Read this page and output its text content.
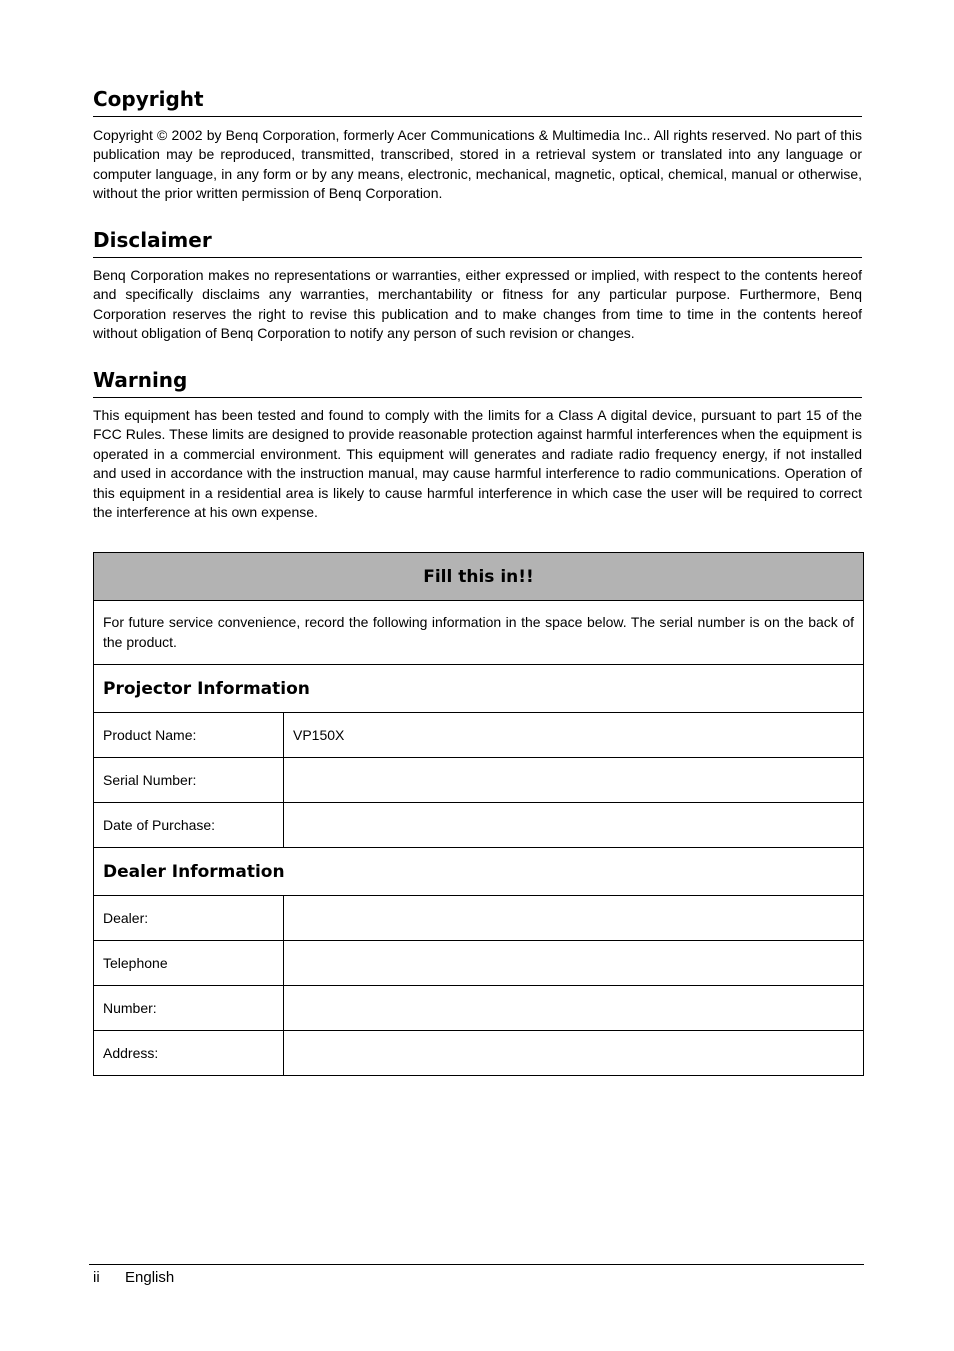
Copyright

Copyright © 2002 by Benq Corporation, formerly Acer Communications & Multimedia Inc.. All rights reserved. No part of this publication may be reproduced, transmitted, transcribed, stored in a retrieval system or translated into any language or computer language, in any form or by any means, electronic, mechanical, magnetic, optical, chemical, manual or otherwise, without the prior written permission of Benq Corporation.

Disclaimer

Benq Corporation makes no representations or warranties, either expressed or implied, with respect to the contents hereof and specifically disclaims any warranties, merchantability or fitness for any particular purpose. Furthermore, Benq Corporation reserves the right to revise this publication and to make changes from time to time in the contents hereof without obligation of Benq Corporation to notify any person of such revision or changes.

Warning

This equipment has been tested and found to comply with the limits for a Class A digital device, pursuant to part 15 of the FCC Rules. These limits are designed to provide reasonable protection against harmful interferences when the equipment is operated in a commercial environment. This equipment will generates and radiate radio frequency energy, if not installed and used in accordance with the instruction manual, may cause harmful interference to radio communications. Operation of this equipment in a residential area is likely to cause harmful interference in which case the user will be required to correct the interference at his own expense.

Fill this in!!	
For future service convenience, record the following information in the space below. The serial number is on the back of the product.	
Projector Information	
Product Name:	VP150X
Serial Number:	
Date of Purchase:	
Dealer Information	
Dealer:	
Telephone	
Number:	
Address:	
ii English
